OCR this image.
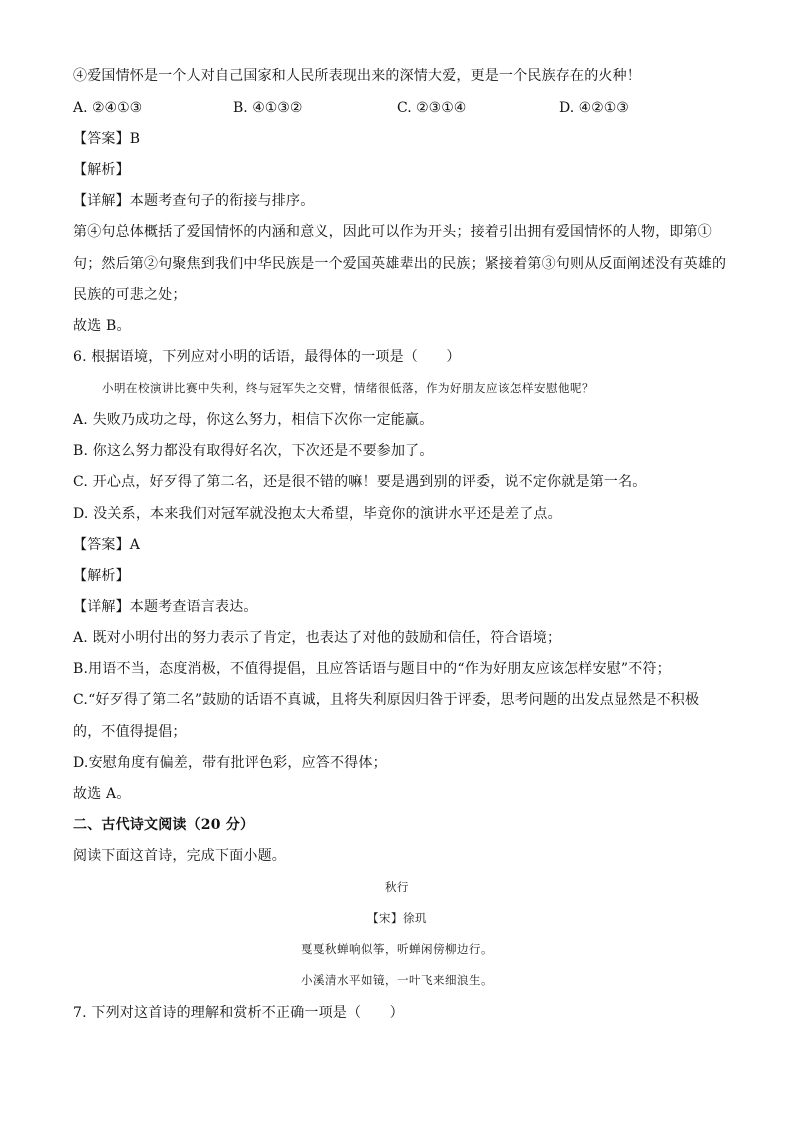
④爱国情怀是一个人对自己国家和人民所表现出来的深情大爱，更是一个民族存在的火种！
A. ②④①③	B. ④①③②	C. ②③①④	D. ④②①③
【答案】B
【解析】
【详解】本题考查句子的衔接与排序。
第④句总体概括了爱国情怀的内涵和意义，因此可以作为开头；接着引出拥有爱国情怀的人物，即第①
句；然后第②句聚焦到我们中华民族是一个爱国英雄辈出的民族；紧接着第③句则从反面阐述没有英雄的
民族的可悲之处；
故选 B。
6. 根据语境，下列应对小明的话语，最得体的一项是（　　）
小明在校演讲比赛中失利，终与冠军失之交臂，情绪很低落，作为好朋友应该怎样安慰他呢？
A. 失败乃成功之母，你这么努力，相信下次你一定能赢。
B. 你这么努力都没有取得好名次，下次还是不要参加了。
C. 开心点，好歹得了第二名，还是很不错的嘛！要是遇到别的评委，说不定你就是第一名。
D. 没关系，本来我们对冠军就没抱太大希望，毕竟你的演讲水平还是差了点。
【答案】A
【解析】
【详解】本题考查语言表达。
A. 既对小明付出的努力表示了肯定，也表达了对他的鼓励和信任，符合语境；
B.用语不当，态度消极，不值得提倡，且应答话语与题目中的“作为好朋友应该怎样安慰”不符；
C.“好歹得了第二名”鼓励的话语不真诚，且将失利原因归咎于评委，思考问题的出发点显然是不积极
的，不值得提倡；
D.安慰角度有偏差，带有批评色彩，应答不得体；
故选 A。
二、古代诗文阅读（20 分）
阅读下面这首诗，完成下面小题。
秋行
【宋】徐玑
戛戛秋蝉响似筝，听蝉闲傍柳边行。
小溪清水平如镜，一叶飞来细浪生。
7. 下列对这首诗的理解和赏析不正确一项是（　　）
